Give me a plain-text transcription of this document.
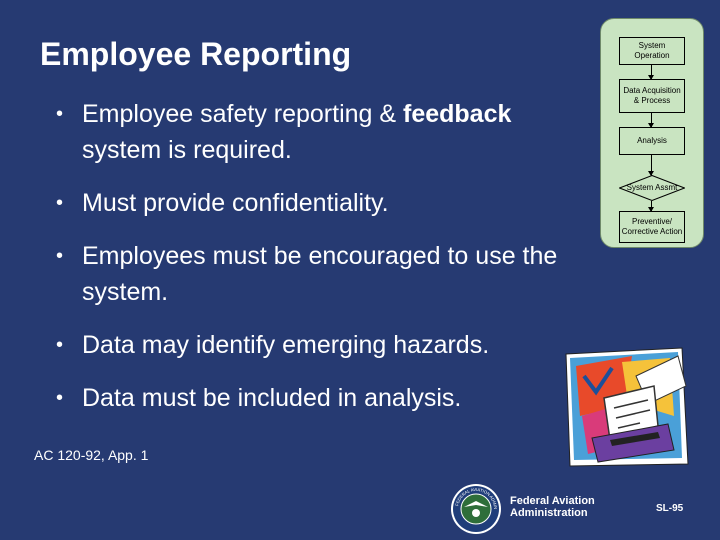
Employee Reporting
• Employee safety reporting & feedback system is required.
• Must provide confidentiality.
• Employees must be encouraged to use the system.
• Data may identify emerging hazards.
• Data must be included in analysis.
AC 120-92, App. 1
System Operation
Data Acquisition & Process
Analysis
System Assmt
Preventive/ Corrective Action
FEDERAL AVIATION ADMIN
Federal Aviation
Administration	SL-95
